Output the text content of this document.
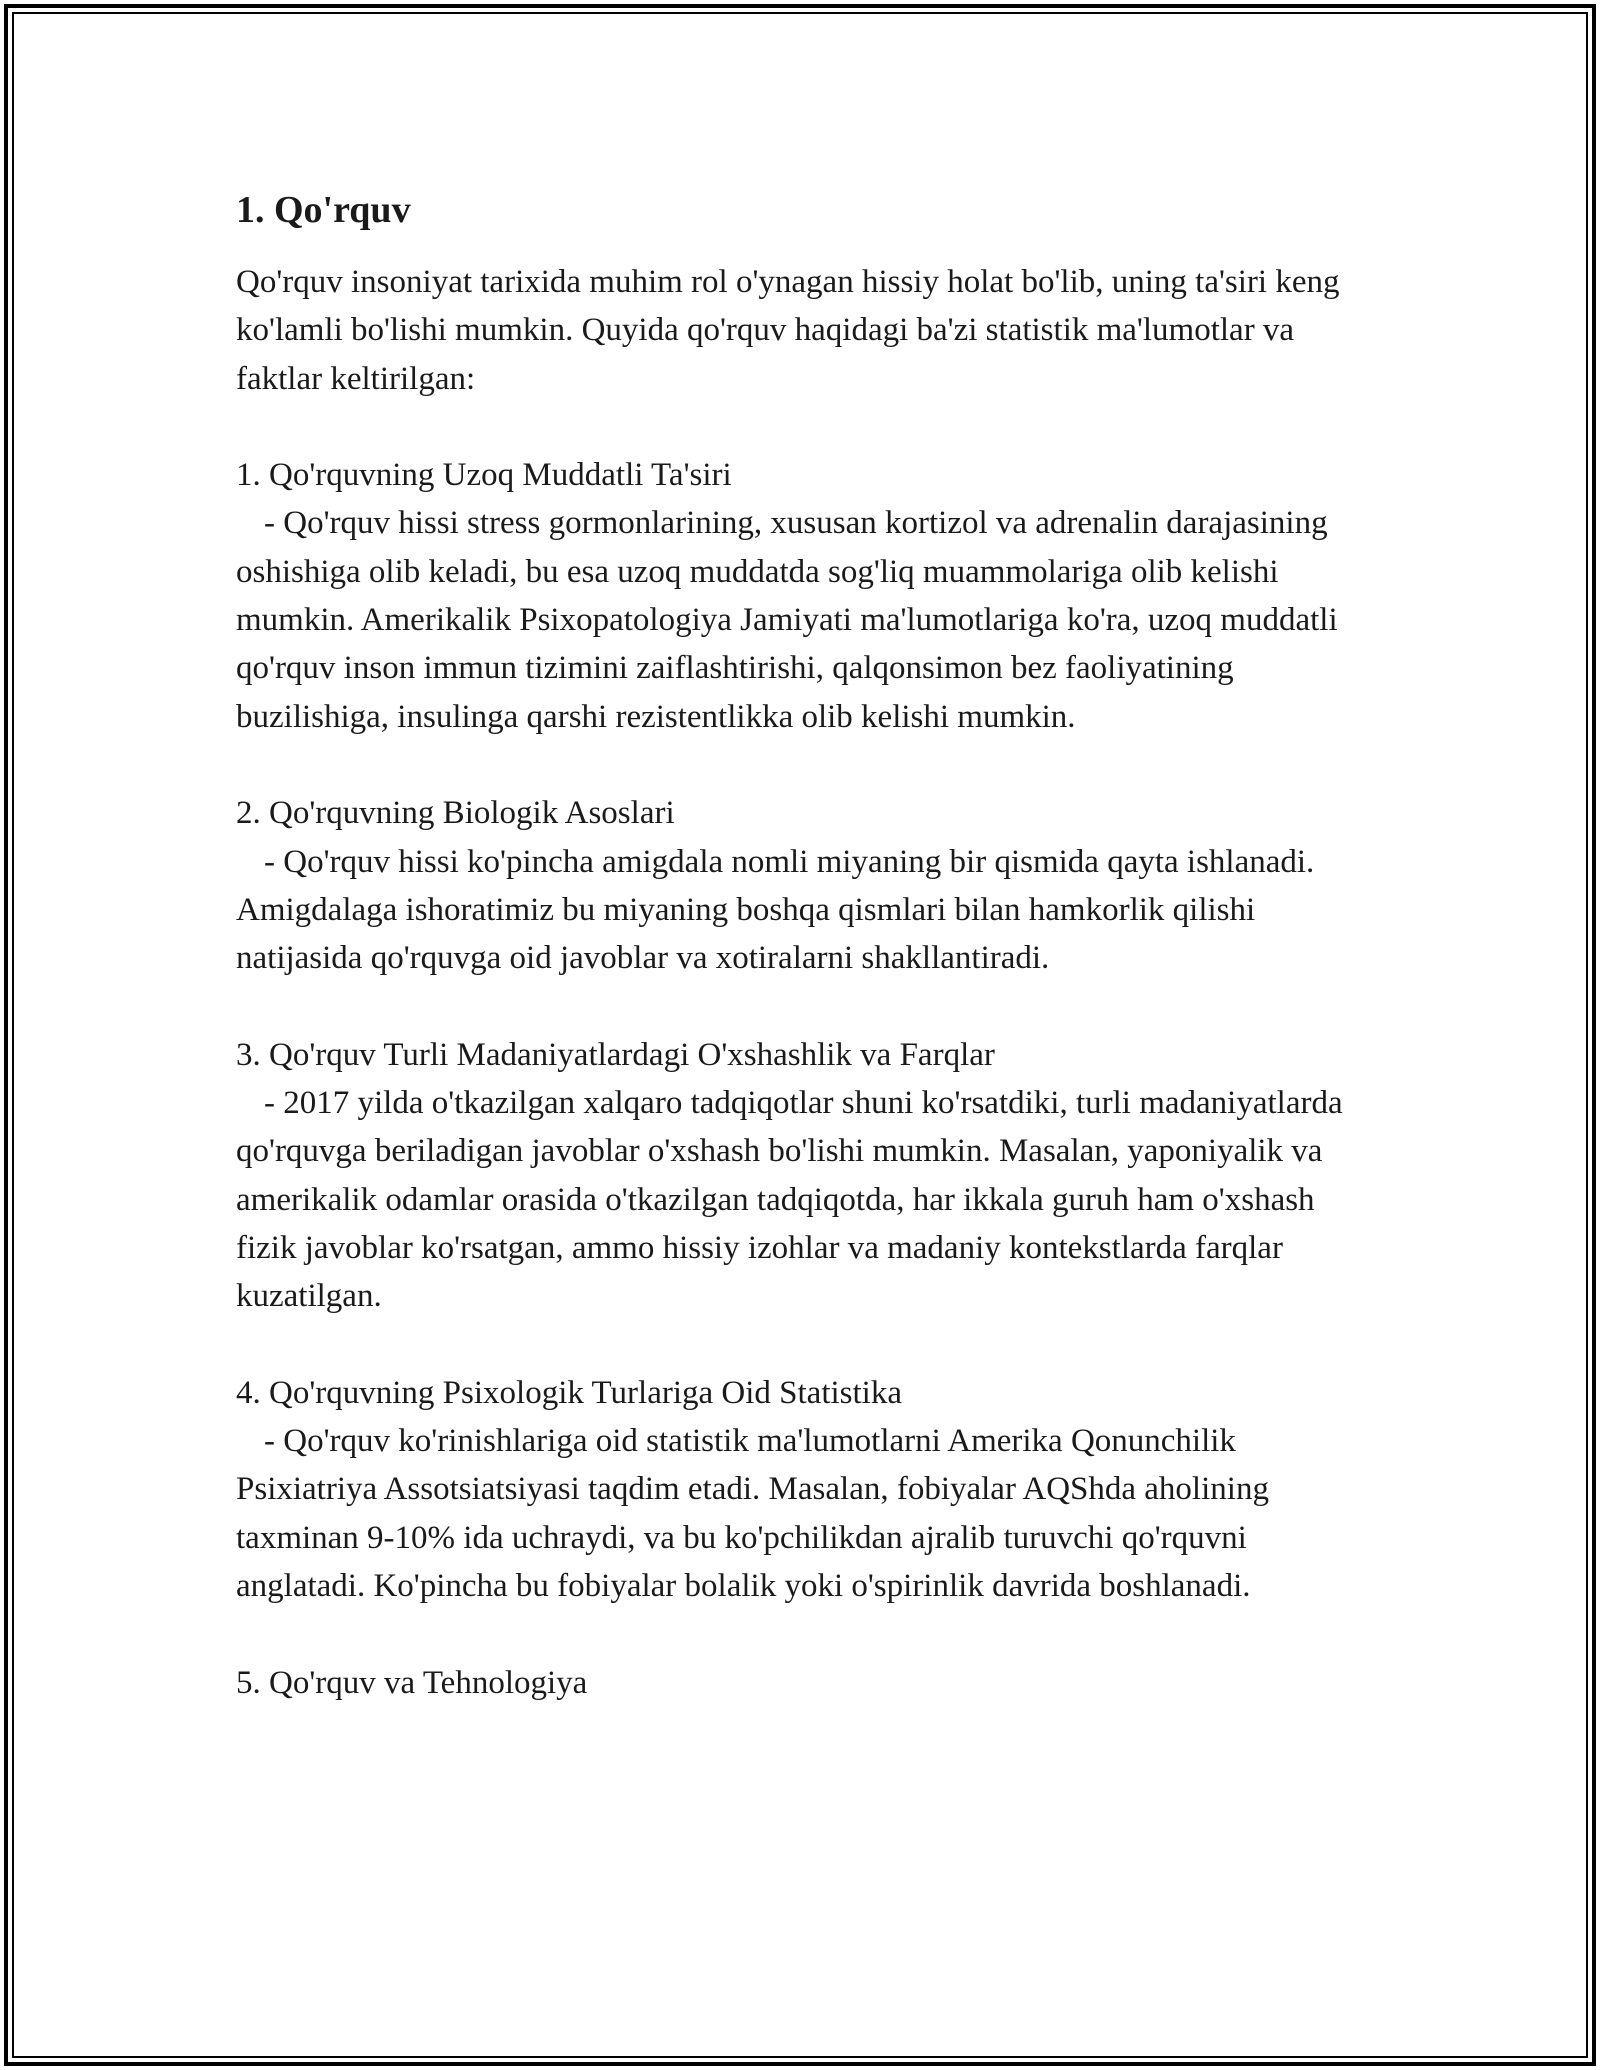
1. Qo'rquv

Qo'rquv insoniyat tarixida muhim rol o'ynagan hissiy holat bo'lib, uning ta'siri keng ko'lamli bo'lishi mumkin. Quyida qo'rquv haqidagi ba'zi statistik ma'lumotlar va faktlar keltirilgan:

1. Qo'rquvning Uzoq Muddatli Ta'siri

- Qo'rquv hissi stress gormonlarining, xususan kortizol va adrenalin darajasining oshishiga olib keladi, bu esa uzoq muddatda sog'liq muammolariga olib kelishi mumkin. Amerikalik Psixopatologiya Jamiyati ma'lumotlariga ko'ra, uzoq muddatli qo'rquv inson immun tizimini zaiflashtirishi, qalqonsimon bez faoliyatining buzilishiga, insulinga qarshi rezistentlikka olib kelishi mumkin.

2. Qo'rquvning Biologik Asoslari

- Qo'rquv hissi ko'pincha amigdala nomli miyaning bir qismida qayta ishlanadi. Amigdalaga ishoratimiz bu miyaning boshqa qismlari bilan hamkorlik qilishi natijasida qo'rquvga oid javoblar va xotiralarni shakllantiradi.

3. Qo'rquv Turli Madaniyatlardagi O'xshashlik va Farqlar

- 2017 yilda o'tkazilgan xalqaro tadqiqotlar shuni ko'rsatdiki, turli madaniyatlarda qo'rquvga beriladigan javoblar o'xshash bo'lishi mumkin. Masalan, yaponiyalik va amerikalik odamlar orasida o'tkazilgan tadqiqotda, har ikkala guruh ham o'xshash fizik javoblar ko'rsatgan, ammo hissiy izohlar va madaniy kontekstlarda farqlar kuzatilgan.

4. Qo'rquvning Psixologik Turlariga Oid Statistika

- Qo'rquv ko'rinishlariga oid statistik ma'lumotlarni Amerika Qonunchilik Psixiatriya Assotsiatsiyasi taqdim etadi. Masalan, fobiyalar AQShda aholining taxminan 9-10% ida uchraydi, va bu ko'pchilikdan ajralib turuvchi qo'rquvni anglatadi. Ko'pincha bu fobiyalar bolalik yoki o'spirinlik davrida boshlanadi.

5. Qo'rquv va Tehnologiya
